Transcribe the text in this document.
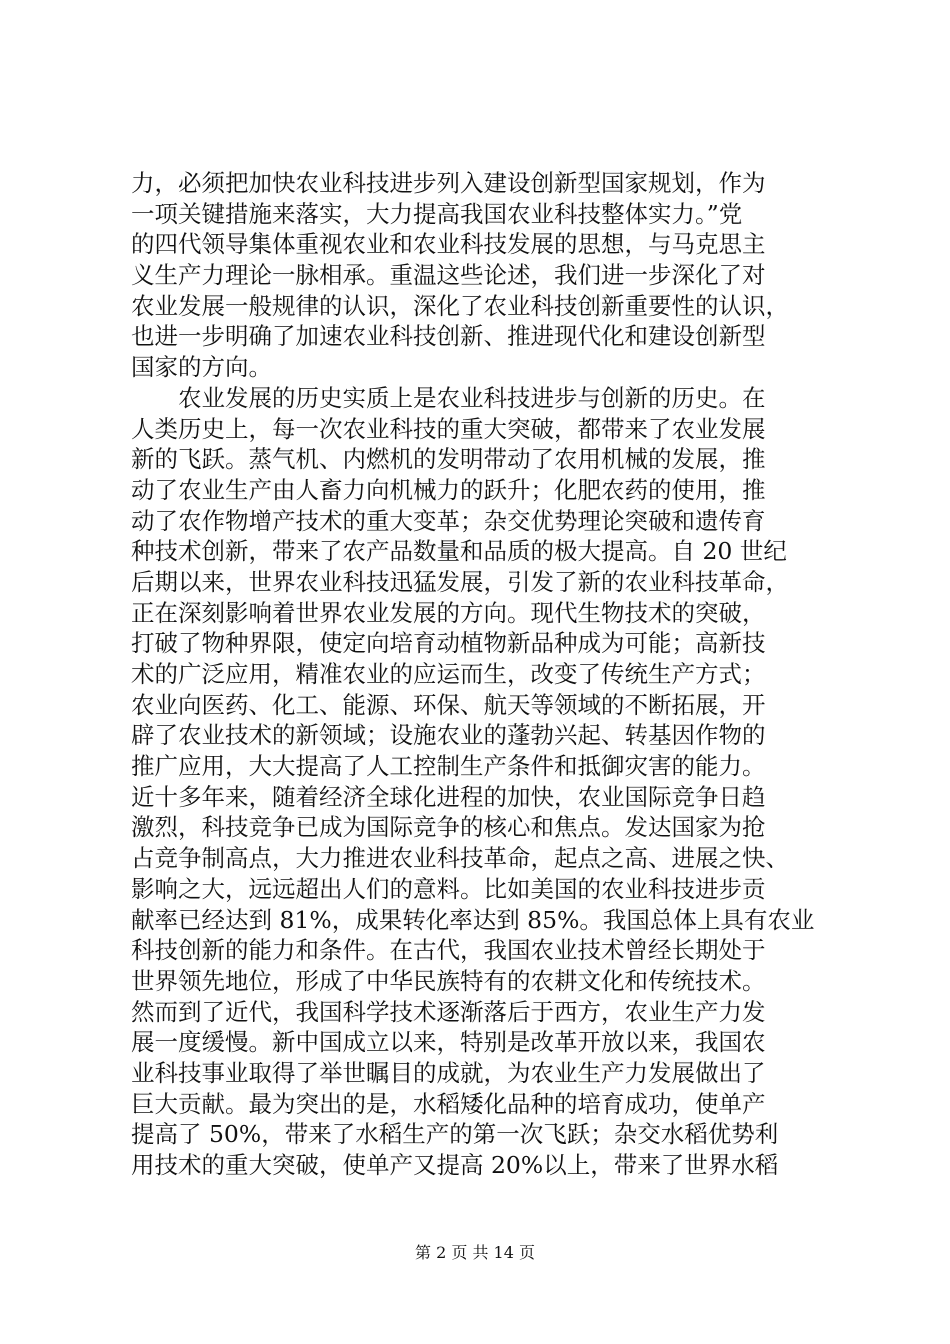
力，必须把加快农业科技进步列入建设创新型国家规划，作为
一项关键措施来落实，大力提高我国农业科技整体实力。”党
的四代领导集体重视农业和农业科技发展的思想，与马克思主
义生产力理论一脉相承。重温这些论述，我们进一步深化了对
农业发展一般规律的认识，深化了农业科技创新重要性的认识，
也进一步明确了加速农业科技创新、推进现代化和建设创新型
国家的方向。
　　农业发展的历史实质上是农业科技进步与创新的历史。在
人类历史上，每一次农业科技的重大突破，都带来了农业发展
新的飞跃。蒸气机、内燃机的发明带动了农用机械的发展，推
动了农业生产由人畜力向机械力的跃升；化肥农药的使用，推
动了农作物增产技术的重大变革；杂交优势理论突破和遗传育
种技术创新，带来了农产品数量和品质的极大提高。自 20 世纪
后期以来，世界农业科技迅猛发展，引发了新的农业科技革命，
正在深刻影响着世界农业发展的方向。现代生物技术的突破，
打破了物种界限，使定向培育动植物新品种成为可能；高新技
术的广泛应用，精准农业的应运而生，改变了传统生产方式；
农业向医药、化工、能源、环保、航天等领域的不断拓展，开
辟了农业技术的新领域；设施农业的蓬勃兴起、转基因作物的
推广应用，大大提高了人工控制生产条件和抵御灾害的能力。
近十多年来，随着经济全球化进程的加快，农业国际竞争日趋
激烈，科技竞争已成为国际竞争的核心和焦点。发达国家为抢
占竞争制高点，大力推进农业科技革命，起点之高、进展之快、
影响之大，远远超出人们的意料。比如美国的农业科技进步贡
献率已经达到 81%，成果转化率达到 85%。我国总体上具有农业
科技创新的能力和条件。在古代，我国农业技术曾经长期处于
世界领先地位，形成了中华民族特有的农耕文化和传统技术。
然而到了近代，我国科学技术逐渐落后于西方，农业生产力发
展一度缓慢。新中国成立以来，特别是改革开放以来，我国农
业科技事业取得了举世瞩目的成就，为农业生产力发展做出了
巨大贡献。最为突出的是，水稻矮化品种的培育成功，使单产
提高了 50%，带来了水稻生产的第一次飞跃；杂交水稻优势利
用技术的重大突破，使单产又提高 20%以上，带来了世界水稻
第 2 页 共 14 页
